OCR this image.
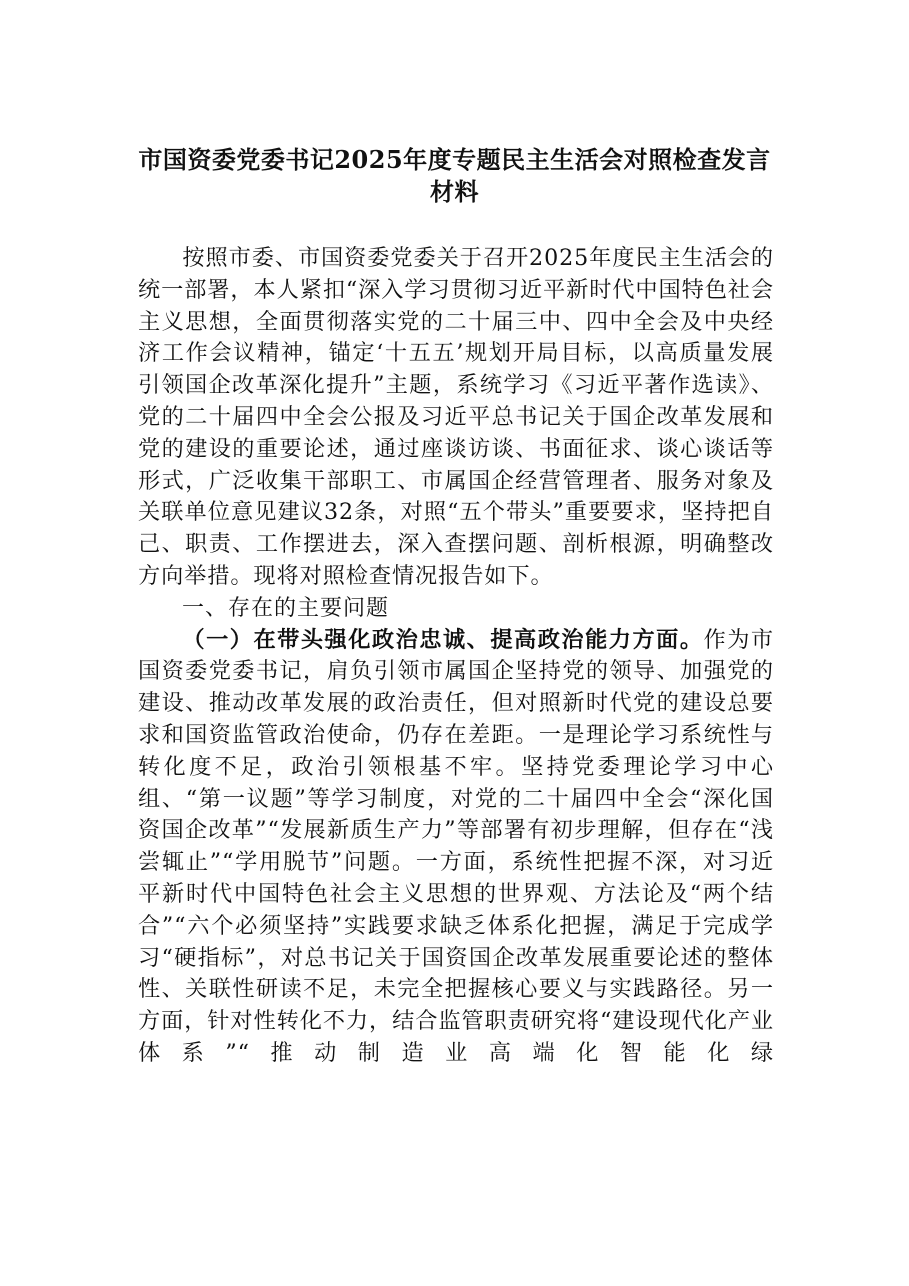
市国资委党委书记2025年度专题民主生活会对照检查发言
材料

按照市委、市国资委党委关于召开2025年度民主生活会的统一部署，本人紧扣“深入学习贯彻习近平新时代中国特色社会主义思想，全面贯彻落实党的二十届三中、四中全会及中央经济工作会议精神，锚定‘十五五’规划开局目标，以高质量发展引领国企改革深化提升”主题，系统学习《习近平著作选读》、党的二十届四中全会公报及习近平总书记关于国企改革发展和党的建设的重要论述，通过座谈访谈、书面征求、谈心谈话等形式，广泛收集干部职工、市属国企经营管理者、服务对象及关联单位意见建议32条，对照“五个带头”重要要求，坚持把自己、职责、工作摆进去，深入查摆问题、剖析根源，明确整改方向举措。现将对照检查情况报告如下。

一、存在的主要问题

（一）在带头强化政治忠诚、提高政治能力方面。作为市国资委党委书记，肩负引领市属国企坚持党的领导、加强党的建设、推动改革发展的政治责任，但对照新时代党的建设总要求和国资监管政治使命，仍存在差距。一是理论学习系统性与转化度不足，政治引领根基不牢。坚持党委理论学习中心组、“第一议题”等学习制度，对党的二十届四中全会“深化国资国企改革”“发展新质生产力”等部署有初步理解，但存在“浅尝辄止”“学用脱节”问题。一方面，系统性把握不深，对习近平新时代中国特色社会主义思想的世界观、方法论及“两个结合”“六个必须坚持”实践要求缺乏体系化把握，满足于完成学习“硬指标”，对总书记关于国资国企改革发展重要论述的整体性、关联性研读不足，未完全把握核心要义与实践路径。另一方面，针对性转化不力，结合监管职责研究将“建设现代化产业体系”“推动制造业高端化智能化绿
